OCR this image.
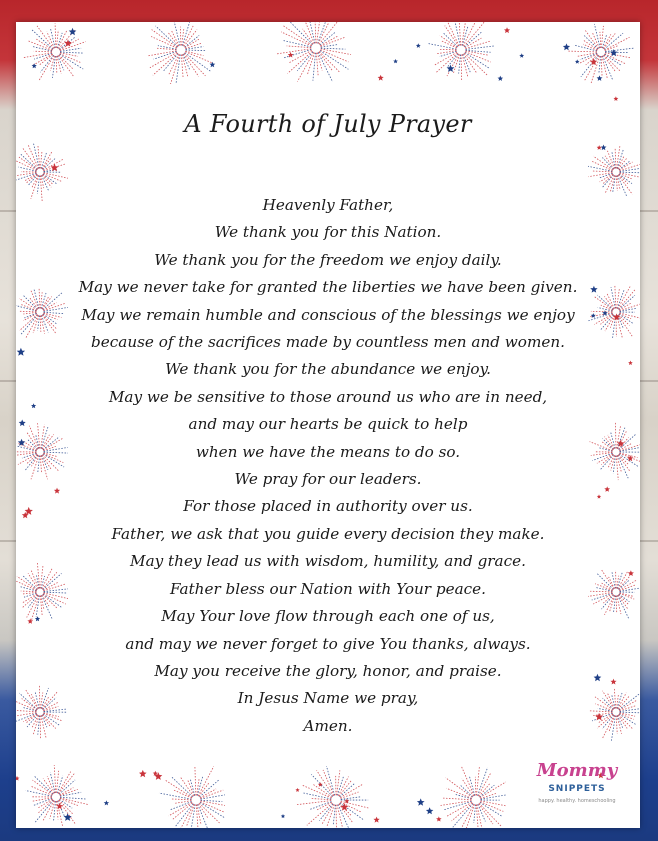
A Fourth of July Prayer
Heavenly Father,
We thank you for this Nation.
We thank you for the freedom we enjoy daily.
May we never take for granted the liberties we have been given.
May we remain humble and conscious of the blessings we enjoy
because of the sacrifices made by countless men and women.
We thank you for the abundance we enjoy.
May we be sensitive to those around us who are in need,
and may our hearts be quick to help
when we have the means to do so.
We pray for our leaders.
For those placed in authority over us.
Father, we ask that you guide every decision they make.
May they lead us with wisdom, humility, and grace.
Father bless our Nation with Your peace.
May Your love flow through each one of us,
and may we never forget to give You thanks, always.
May you receive the glory, honor, and praise.
In Jesus Name we pray,
Amen.
Mommy
SNIPPETS
happy. healthy. homeschooling
